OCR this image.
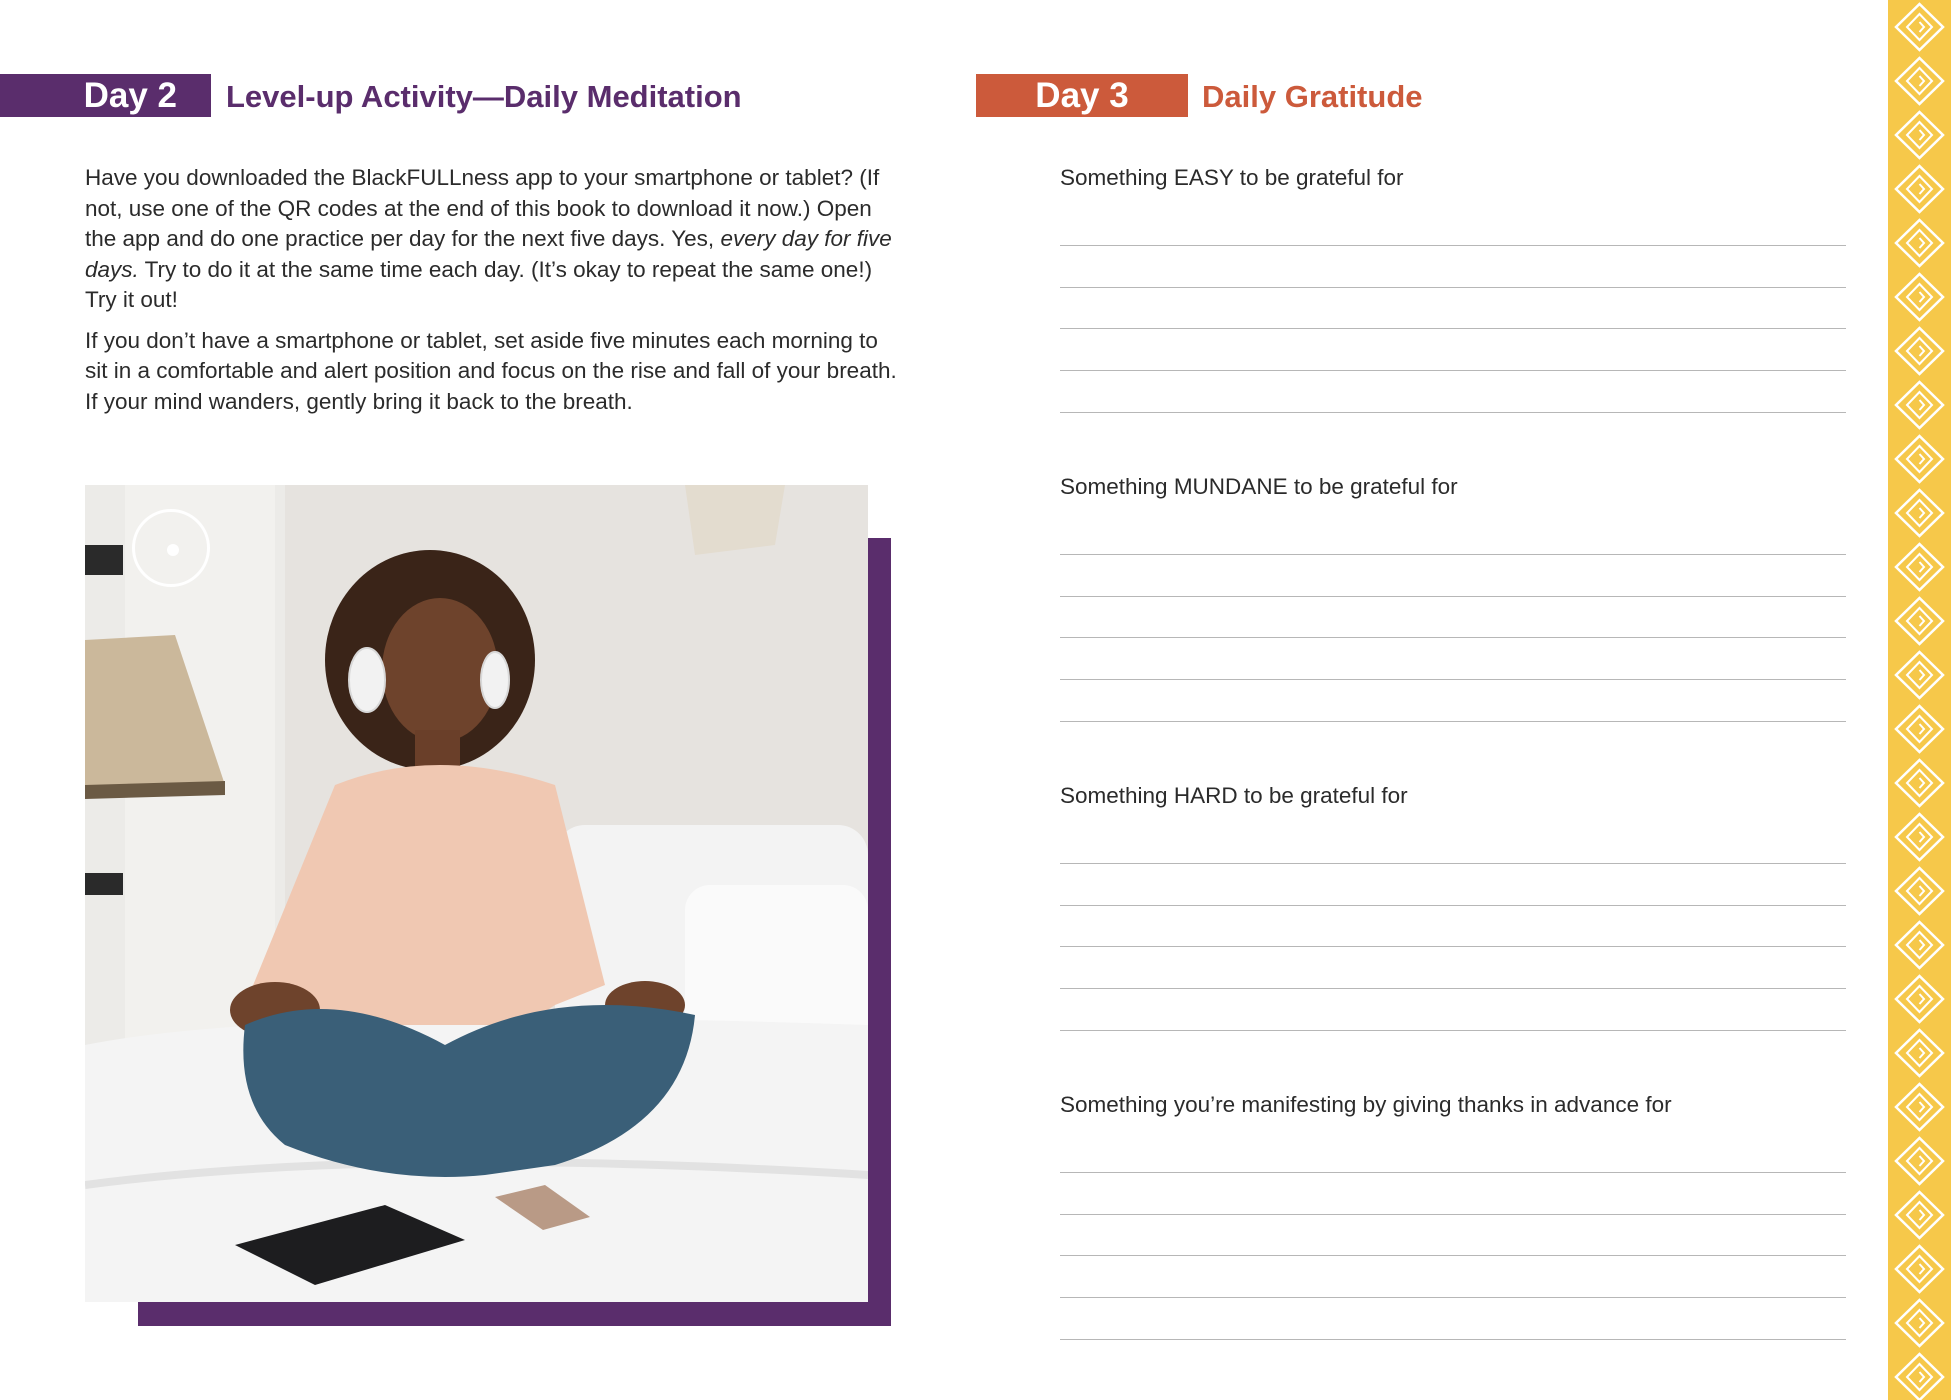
Day 2	Level-up Activity—Daily Meditation	Day 3	Daily Gratitude

Have you downloaded the BlackFULLness app to your smartphone or tablet? (If not, use one of the QR codes at the end of this book to download it now.) Open the app and do one practice per day for the next five days. Yes, every day for five days. Try to do it at the same time each day. (It’s okay to repeat the same one!) Try it out!

If you don’t have a smartphone or tablet, set aside five minutes each morning to sit in a comfortable and alert position and focus on the rise and fall of your breath. If your mind wanders, gently bring it back to the breath.

Something EASY to be grateful for
Something MUNDANE to be grateful for
Something HARD to be grateful for
Something you’re manifesting by giving thanks in advance for
